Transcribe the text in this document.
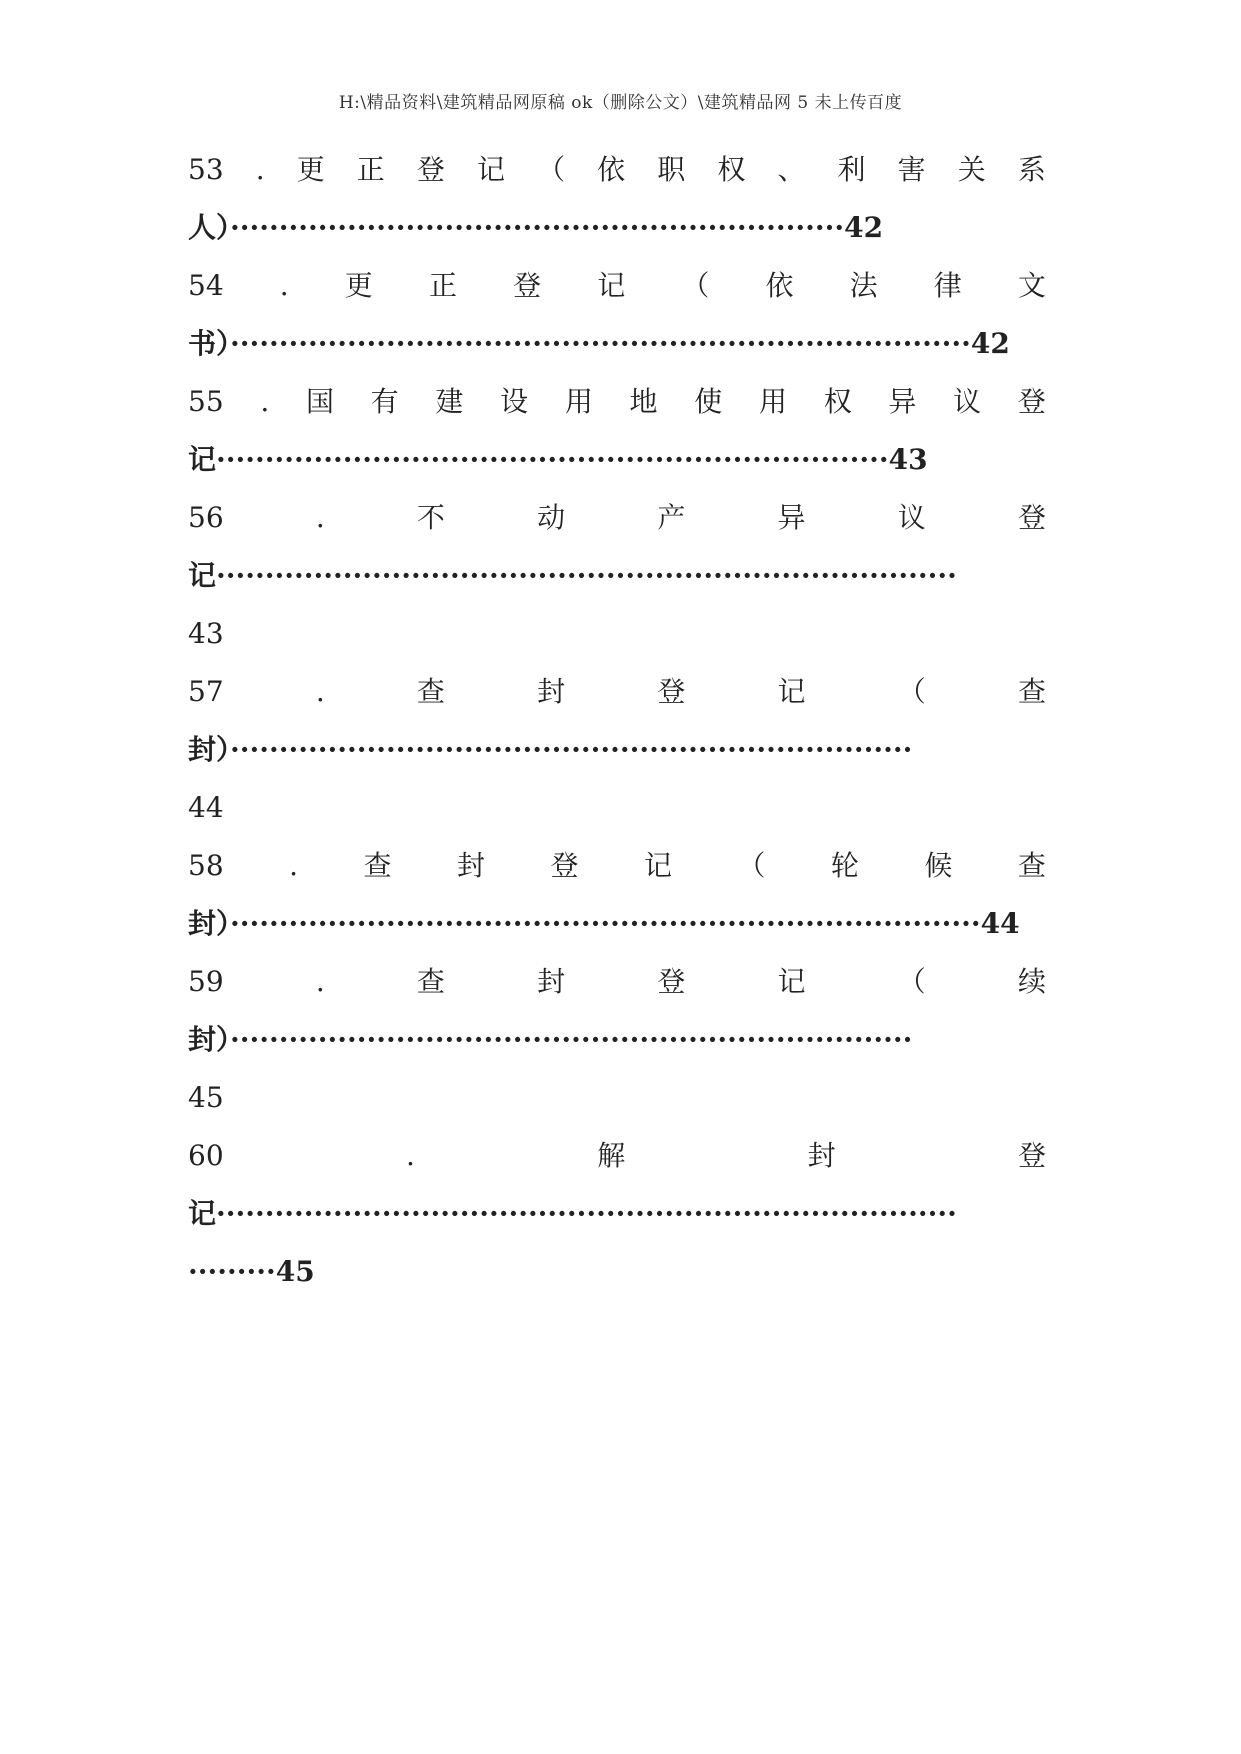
H:\精品资料\建筑精品网原稿 ok（删除公文）\建筑精品网 5 未上传百度
53 . 更 正 登 记 （ 依 职 权 、 利 害 关 系
人）·······························································42
54 . 更 正 登 记 （ 依 法 律 文
书）············································································42
55 . 国 有 建 设 用 地 使 用 权 异 议 登
记·····································································43
56	.	不	动	产	异	议	登
记············································································
43
57	.	查	封	登	记	（	查
封）······································································
44
58 . 查 封 登 记 （ 轮 候 查
封）·············································································44
59	.	查	封	登	记	（	续
封）······································································
45
60	.	解	封	登
记············································································
·········45
